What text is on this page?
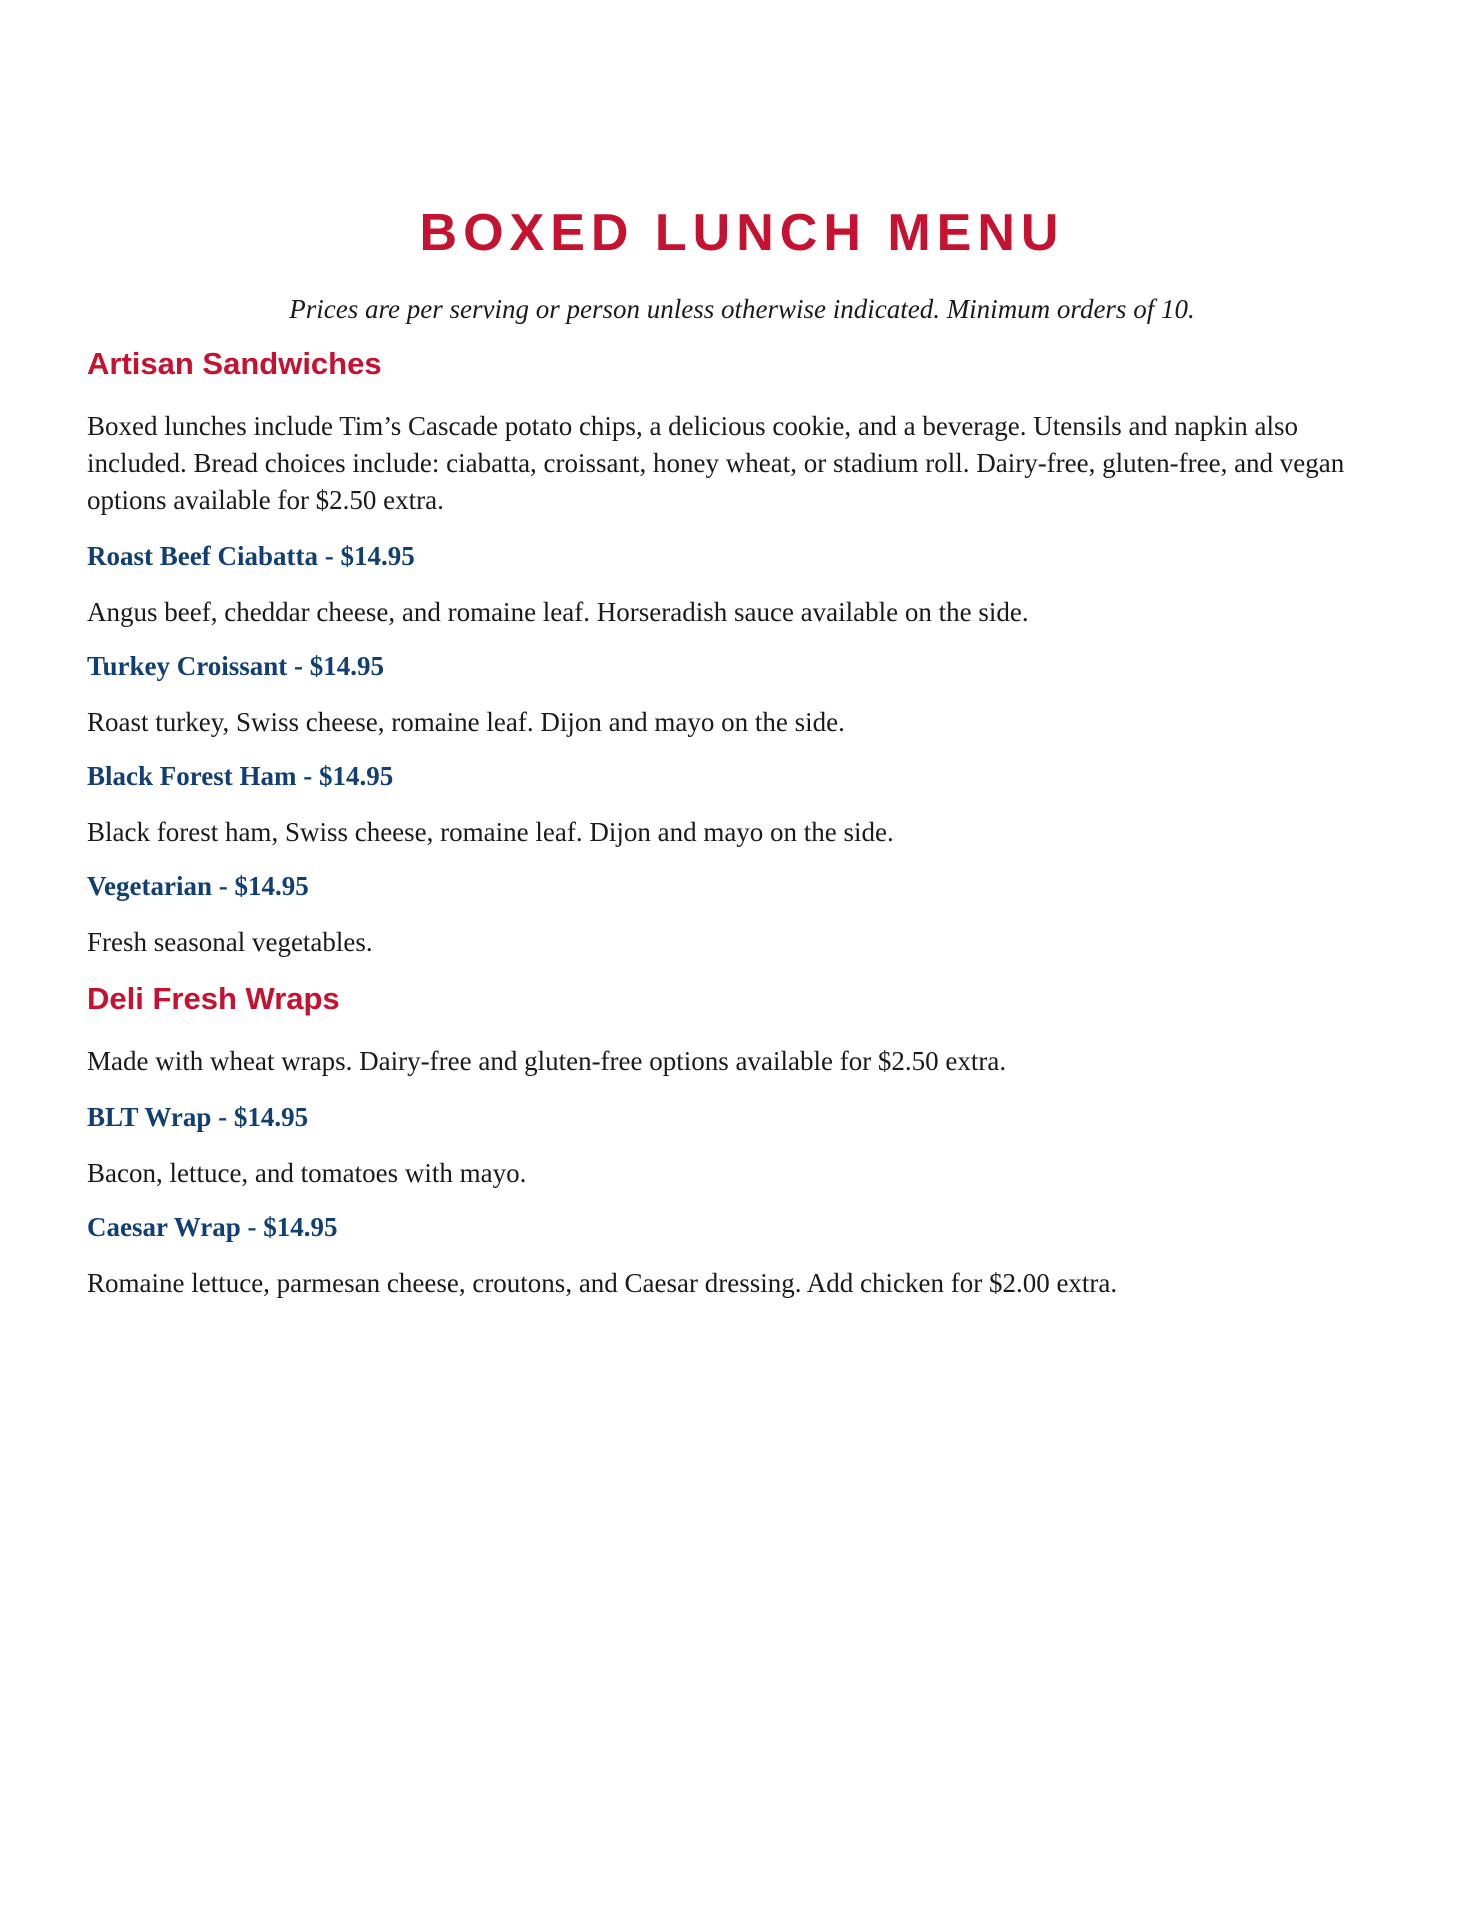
BOXED LUNCH MENU

Prices are per serving or person unless otherwise indicated. Minimum orders of 10.

Artisan Sandwiches

Boxed lunches include Tim’s Cascade potato chips, a delicious cookie, and a beverage. Utensils and napkin also included. Bread choices include: ciabatta, croissant, honey wheat, or stadium roll. Dairy-free, gluten-free, and vegan options available for $2.50 extra.

Roast Beef Ciabatta - $14.95

Angus beef, cheddar cheese, and romaine leaf. Horseradish sauce available on the side.

Turkey Croissant - $14.95

Roast turkey, Swiss cheese, romaine leaf. Dijon and mayo on the side.

Black Forest Ham - $14.95

Black forest ham, Swiss cheese, romaine leaf. Dijon and mayo on the side.

Vegetarian - $14.95

Fresh seasonal vegetables.

Deli Fresh Wraps

Made with wheat wraps. Dairy-free and gluten-free options available for $2.50 extra.

BLT Wrap - $14.95

Bacon, lettuce, and tomatoes with mayo.

Caesar Wrap - $14.95

Romaine lettuce, parmesan cheese, croutons, and Caesar dressing. Add chicken for $2.00 extra.
